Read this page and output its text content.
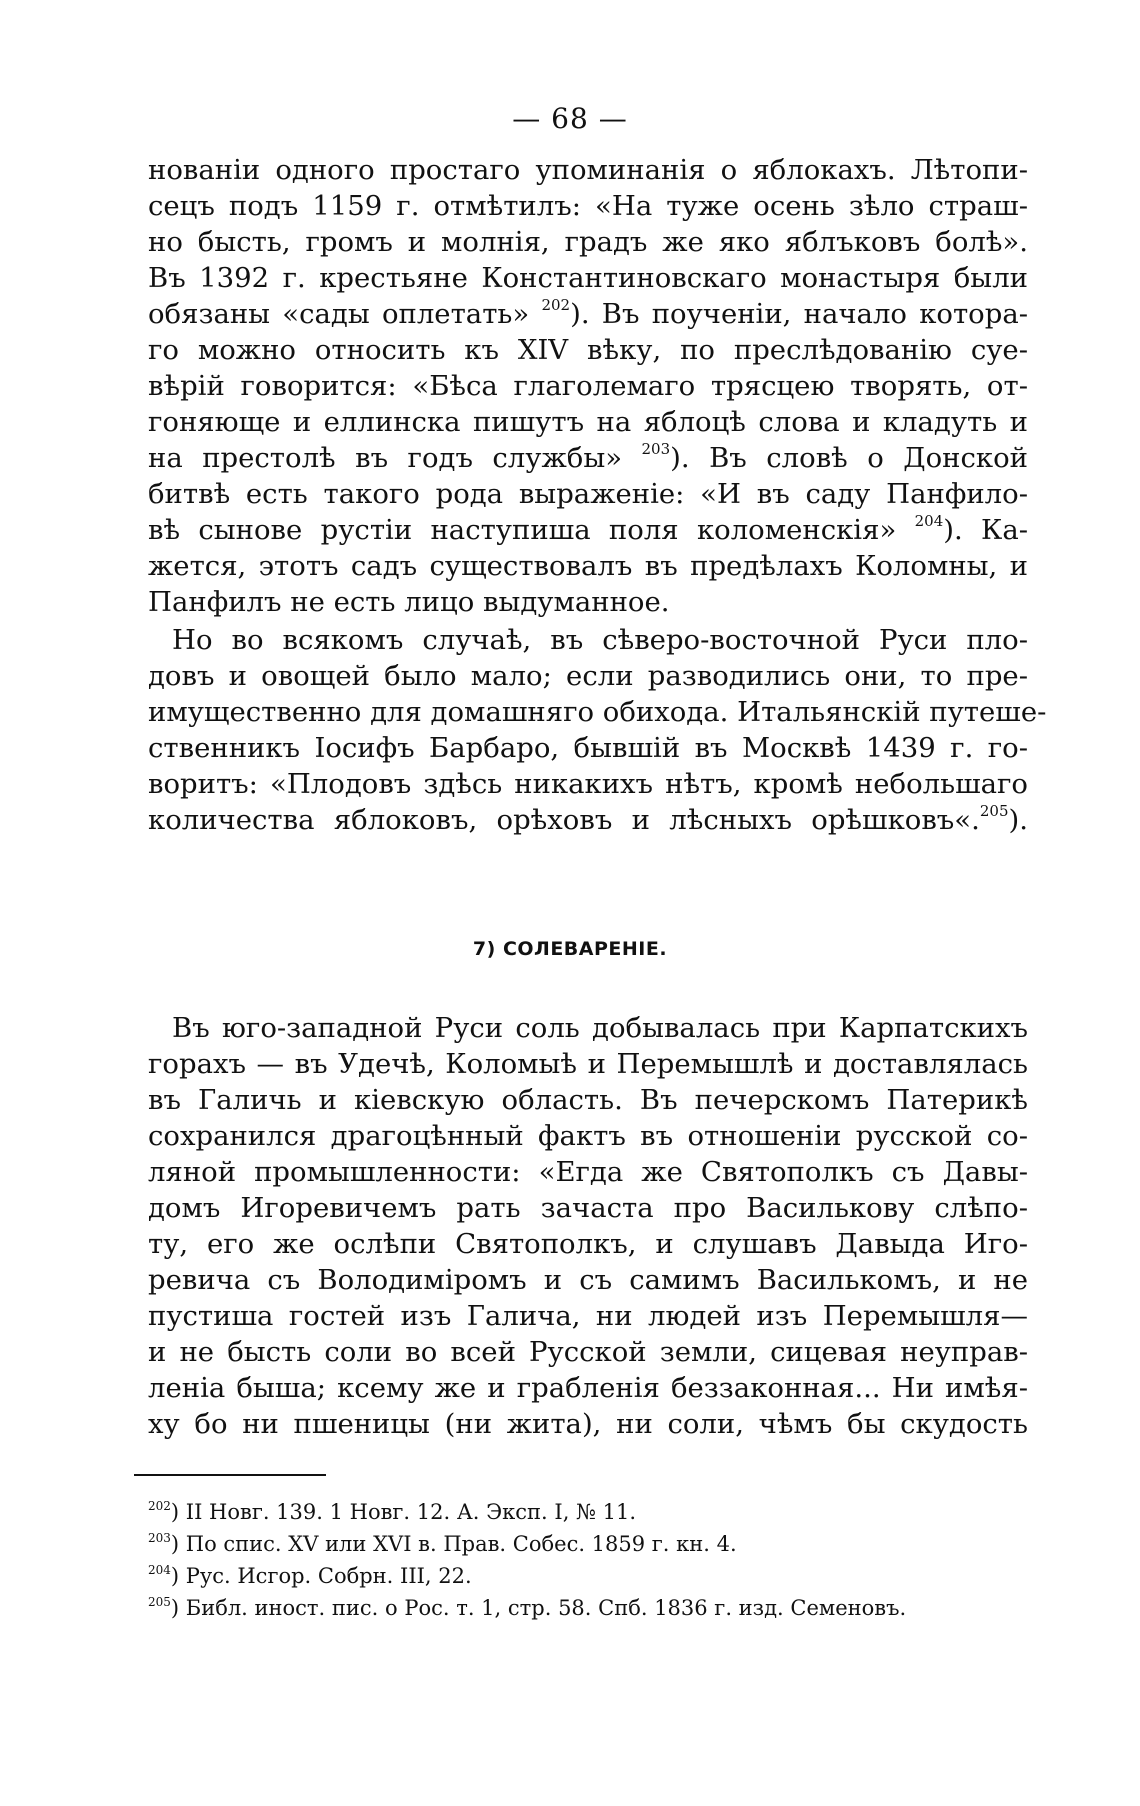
— 68 —
нованіи одного простаго упоминанія о яблокахъ. Лѣтопи-
сецъ подъ 1159 г. отмѣтилъ: «На туже осень зѣло страш-
но бысть, громъ и молнія, градъ же яко яблъковъ болѣ».
Въ 1392 г. крестьяне Константиновскаго монастыря были
обязаны «сады оплетать» $^{202}$). Въ поученіи, начало котора-
го можно относить къ XIV вѣку, по преслѣдованію суе-
вѣрій говорится: «Бѣса глаголемаго трясцею творять, от-
гоняюще и еллинска пишутъ на яблоцѣ слова и кладуть и
на престолѣ въ годъ службы» $^{203}$). Въ словѣ о Донской
битвѣ есть такого рода выраженіе: «И въ саду Панфило-
вѣ сынове рустіи наступиша поля коломенскія» $^{204}$). Ка-
жется, этотъ садъ существовалъ въ предѣлахъ Коломны, и
Панфилъ не есть лицо выдуманное.
Но во всякомъ случаѣ, въ сѣверо-восточной Руси пло-
довъ и овощей было мало; если разводились они, то пре-
имущественно для домашняго обихода. Итальянскій путеше-
ственникъ Іосифъ Барбаро, бывшій въ Москвѣ 1439 г. го-
воритъ: «Плодовъ здѣсь никакихъ нѣтъ, кромѣ небольшаго
количества яблоковъ, орѣховъ и лѣсныхъ орѣшковъ«.$^{205}$).
7) СОЛЕВАРЕНІЕ.
Въ юго-западной Руси соль добывалась при Карпатскихъ
горахъ — въ Удечѣ, Коломыѣ и Перемышлѣ и доставлялась
въ Галичь и кіевскую область. Въ печерскомъ Патерикѣ
сохранился драгоцѣнный фактъ въ отношеніи русской со-
ляной промышленности: «Егда же Святополкъ съ Давы-
домъ Игоревичемъ рать зачаста про Василькову слѣпо-
ту, его же ослѣпи Святополкъ, и слушавъ Давыда Иго-
ревича съ Володиміромъ и съ самимъ Василькомъ, и не
пустиша гостей изъ Галича, ни людей изъ Перемышля—
и не бысть соли во всей Русской земли, сицевая неуправ-
леніа быша; ксему же и грабленія беззаконная... Ни имѣя-
ху бо ни пшеницы (ни жита), ни соли, чѣмъ бы скудость
$^{202}$) II Новг. 139. 1 Новг. 12. А. Эксп. I, № 11.
$^{203}$) По спис. XV или XVI в. Прав. Собес. 1859 г. кн. 4.
$^{204}$) Рус. Исгор. Собрн. III, 22.
$^{205}$) Библ. иност. пис. о Рос. т. 1, стр. 58. Спб. 1836 г. изд. Семеновъ.
